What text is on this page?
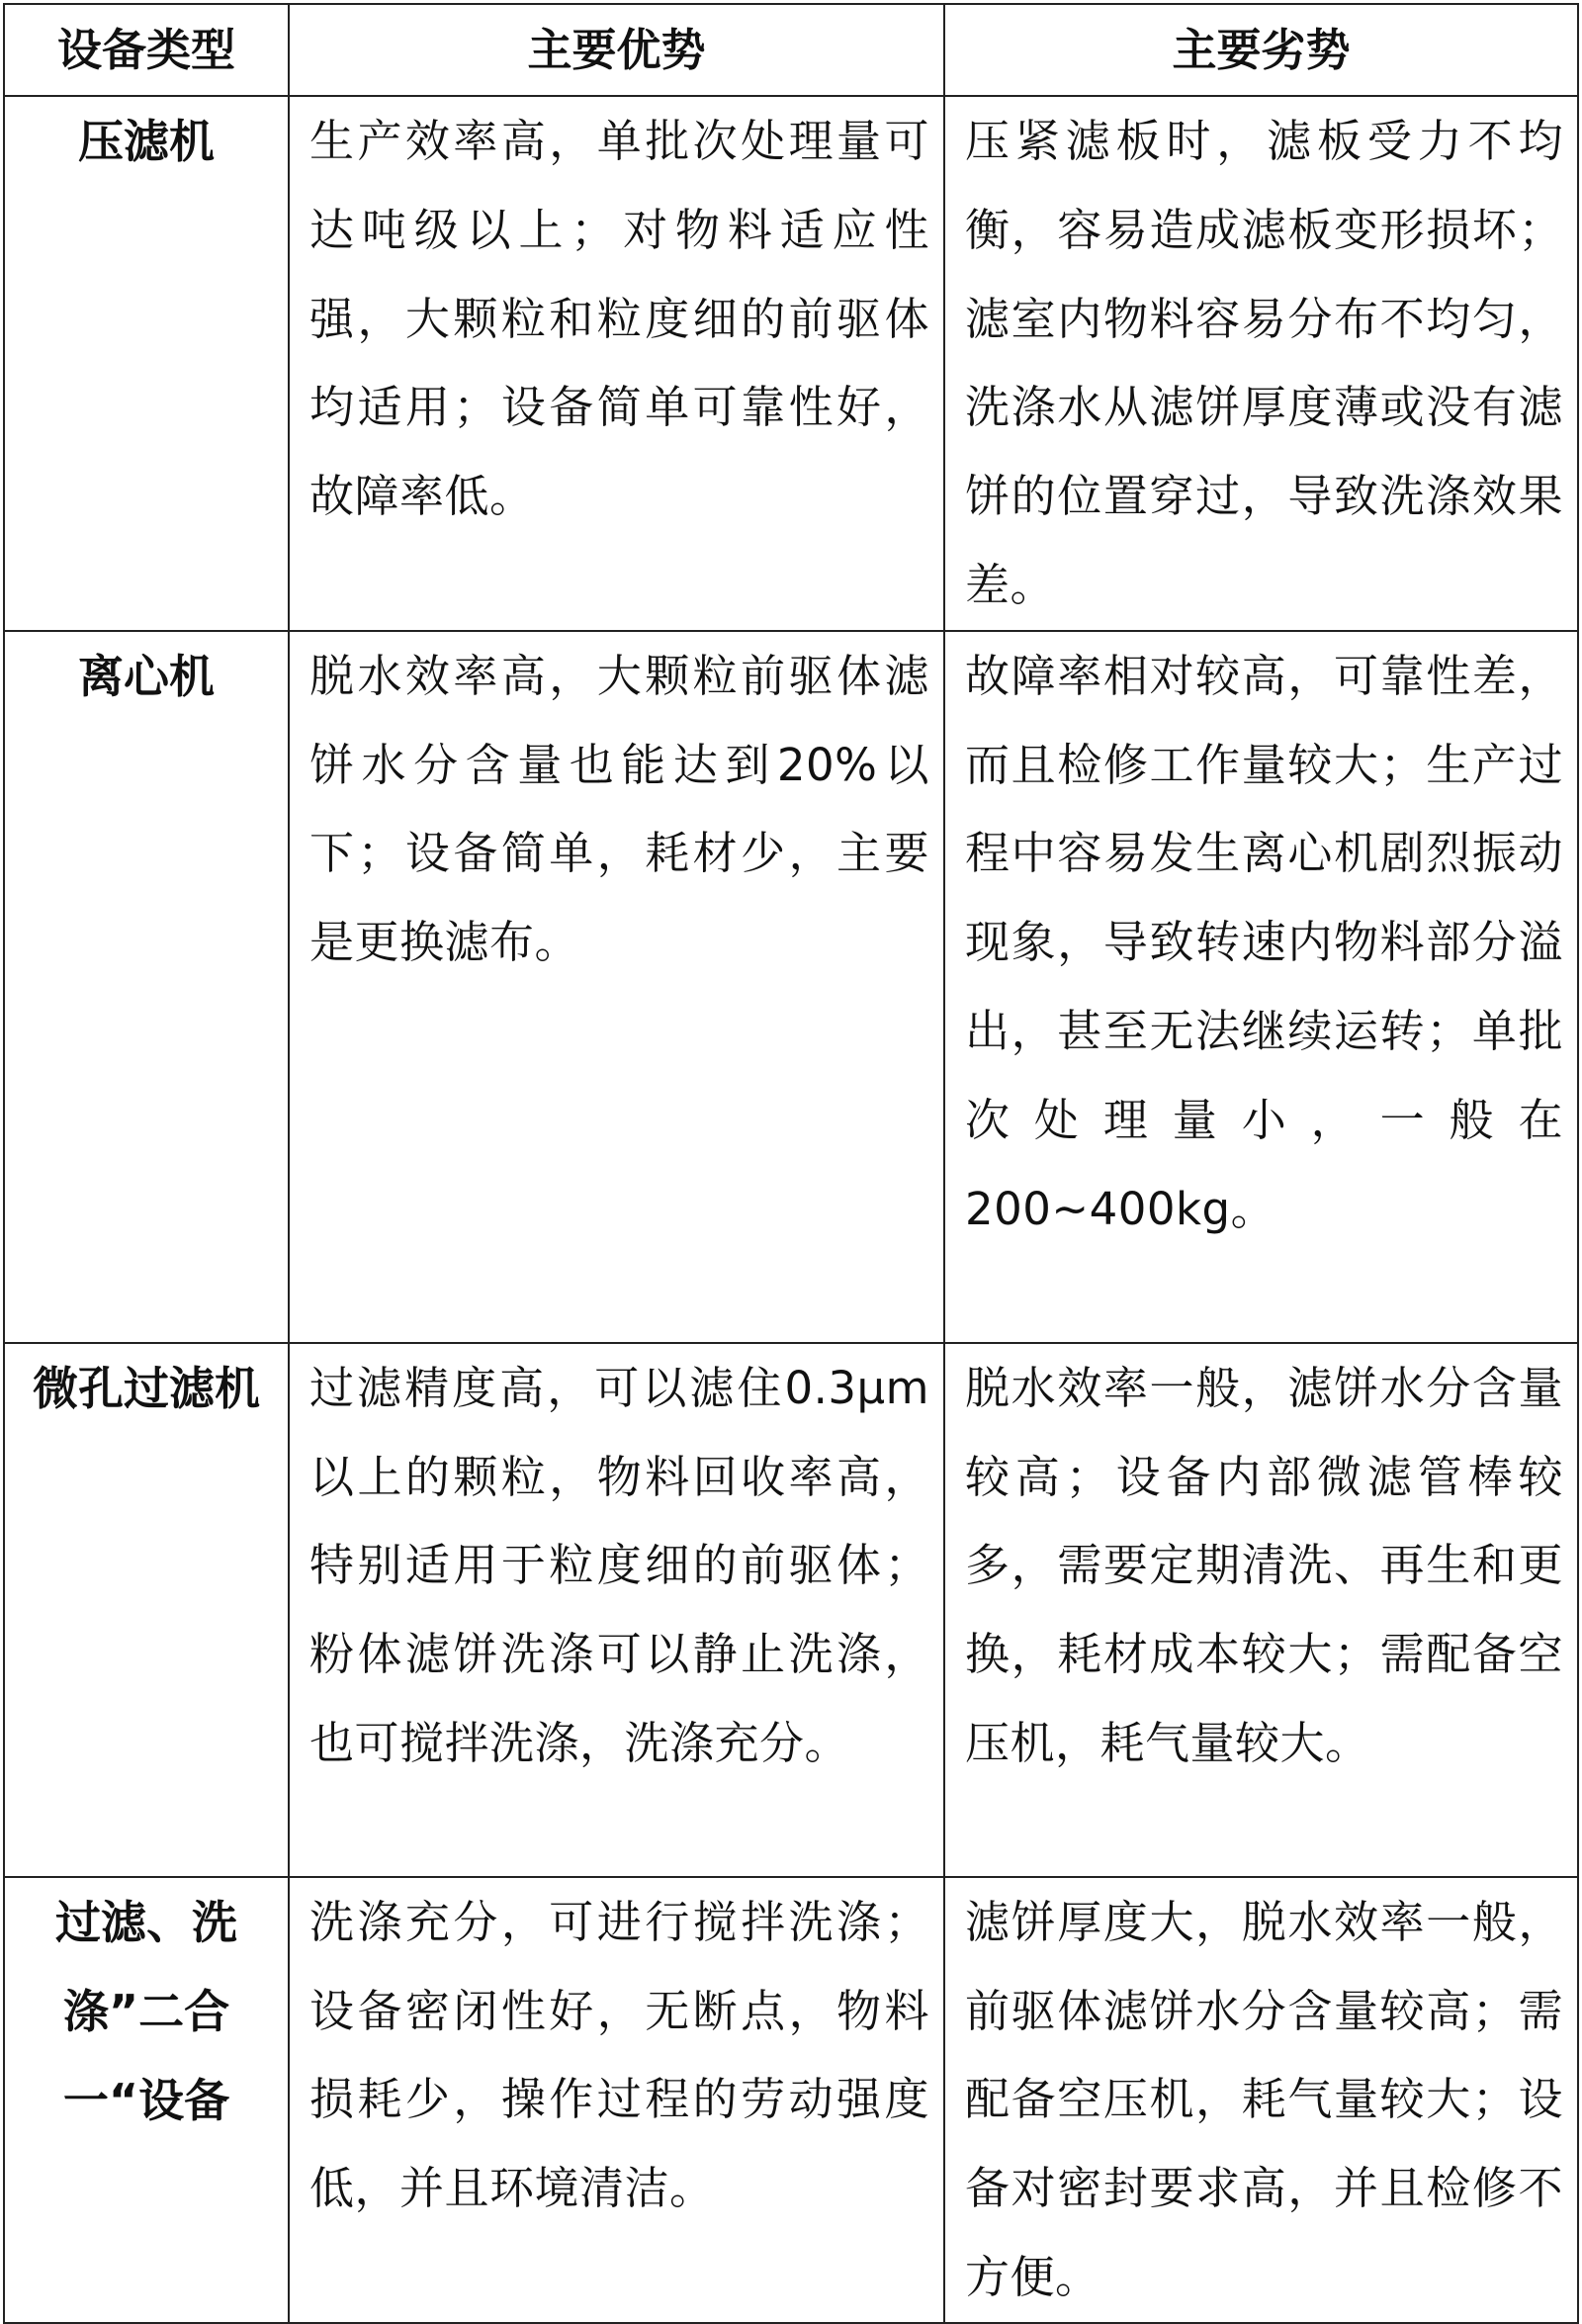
设备类型	主要优势	主要劣势
压滤机	生产效率高，单批次处理量可达吨级以上；对物料适应性强，大颗粒和粒度细的前驱体均适用；设备简单可靠性好，故障率低。	压紧滤板时，滤板受力不均衡，容易造成滤板变形损坏；滤室内物料容易分布不均匀，洗涤水从滤饼厚度薄或没有滤饼的位置穿过，导致洗涤效果差。
离心机	脱水效率高，大颗粒前驱体滤饼水分含量也能达到20%以下；设备简单，耗材少，主要是更换滤布。	故障率相对较高，可靠性差，而且检修工作量较大；生产过程中容易发生离心机剧烈振动现象，导致转速内物料部分溢出，甚至无法继续运转；单批次处理量小，一般在200~400kg。
微孔过滤机	过滤精度高，可以滤住0.3μm 以上的颗粒，物料回收率高，特别适用于粒度细的前驱体；粉体滤饼洗涤可以静止洗涤，也可搅拌洗涤，洗涤充分。	脱水效率一般，滤饼水分含量较高；设备内部微滤管棒较多，需要定期清洗、再生和更换，耗材成本较大；需配备空压机，耗气量较大。
过滤、洗涤”二合一“设备	洗涤充分，可进行搅拌洗涤；设备密闭性好，无断点，物料损耗少，操作过程的劳动强度低，并且环境清洁。	滤饼厚度大，脱水效率一般，前驱体滤饼水分含量较高；需配备空压机，耗气量较大；设备对密封要求高，并且检修不方便。
